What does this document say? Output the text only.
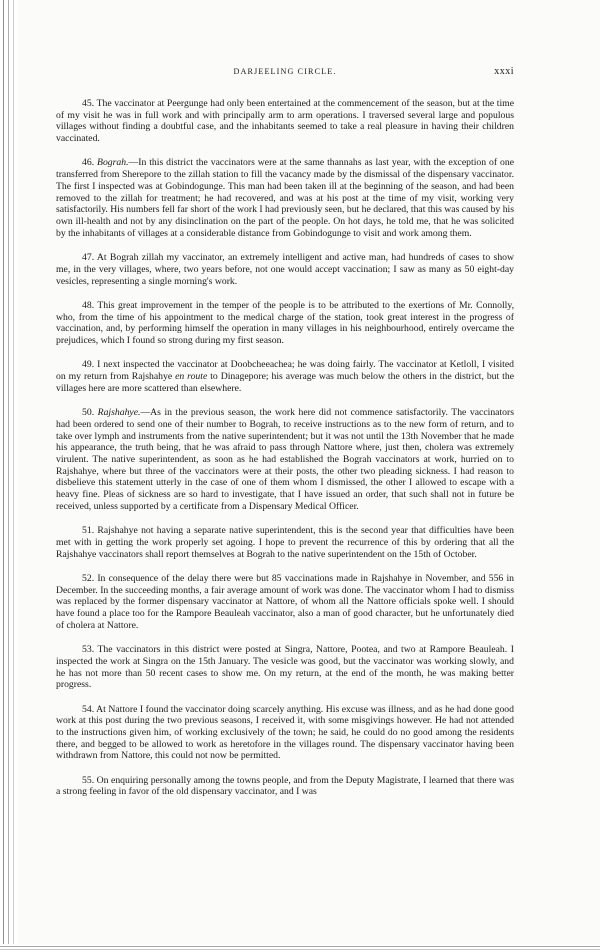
DARJEELING CIRCLE.	xxxi

45. The vaccinator at Peergunge had only been entertained at the commencement of the season, but at the time of my visit he was in full work and with principally arm to arm operations. I traversed several large and populous villages without finding a doubtful case, and the inhabitants seemed to take a real pleasure in having their children vaccinated.

46. Bograh.—In this district the vaccinators were at the same thannahs as last year, with the exception of one transferred from Sherepore to the zillah station to fill the vacancy made by the dismissal of the dispensary vaccinator. The first I inspected was at Gobindogunge. This man had been taken ill at the beginning of the season, and had been removed to the zillah for treatment; he had recovered, and was at his post at the time of my visit, working very satisfactorily. His numbers fell far short of the work I had previously seen, but he declared, that this was caused by his own ill-health and not by any disinclination on the part of the people. On hot days, he told me, that he was solicited by the inhabitants of villages at a considerable distance from Gobindogunge to visit and work among them.

47. At Bograh zillah my vaccinator, an extremely intelligent and active man, had hundreds of cases to show me, in the very villages, where, two years before, not one would accept vaccination; I saw as many as 50 eight-day vesicles, representing a single morning's work.

48. This great improvement in the temper of the people is to be attributed to the exertions of Mr. Connolly, who, from the time of his appointment to the medical charge of the station, took great interest in the progress of vaccination, and, by performing himself the operation in many villages in his neighbourhood, entirely overcame the prejudices, which I found so strong during my first season.

49. I next inspected the vaccinator at Doobcheeachea; he was doing fairly. The vaccinator at Ketloll, I visited on my return from Rajshahye en route to Dinagepore; his average was much below the others in the district, but the villages here are more scattered than elsewhere.

50. Rajshahye.—As in the previous season, the work here did not commence satisfactorily. The vaccinators had been ordered to send one of their number to Bograh, to receive instructions as to the new form of return, and to take over lymph and instruments from the native superintendent; but it was not until the 13th November that he made his appearance, the truth being, that he was afraid to pass through Nattore where, just then, cholera was extremely virulent. The native superintendent, as soon as he had established the Bograh vaccinators at work, hurried on to Rajshahye, where but three of the vaccinators were at their posts, the other two pleading sickness. I had reason to disbelieve this statement utterly in the case of one of them whom I dismissed, the other I allowed to escape with a heavy fine. Pleas of sickness are so hard to investigate, that I have issued an order, that such shall not in future be received, unless supported by a certificate from a Dispensary Medical Officer.

51. Rajshahye not having a separate native superintendent, this is the second year that difficulties have been met with in getting the work properly set agoing. I hope to prevent the recurrence of this by ordering that all the Rajshahye vaccinators shall report themselves at Bograh to the native superintendent on the 15th of October.

52. In consequence of the delay there were but 85 vaccinations made in Rajshahye in November, and 556 in December. In the succeeding months, a fair average amount of work was done. The vaccinator whom I had to dismiss was replaced by the former dispensary vaccinator at Nattore, of whom all the Nattore officials spoke well. I should have found a place too for the Rampore Beauleah vaccinator, also a man of good character, but he unfortunately died of cholera at Nattore.

53. The vaccinators in this district were posted at Singra, Nattore, Pootea, and two at Rampore Beauleah. I inspected the work at Singra on the 15th January. The vesicle was good, but the vaccinator was working slowly, and he has not more than 50 recent cases to show me. On my return, at the end of the month, he was making better progress.

54. At Nattore I found the vaccinator doing scarcely anything. His excuse was illness, and as he had done good work at this post during the two previous seasons, I received it, with some misgivings however. He had not attended to the instructions given him, of working exclusively of the town; he said, he could do no good among the residents there, and begged to be allowed to work as heretofore in the villages round. The dispensary vaccinator having been withdrawn from Nattore, this could not now be permitted.

55. On enquiring personally among the towns people, and from the Deputy Magistrate, I learned that there was a strong feeling in favor of the old dispensary vaccinator, and I was
